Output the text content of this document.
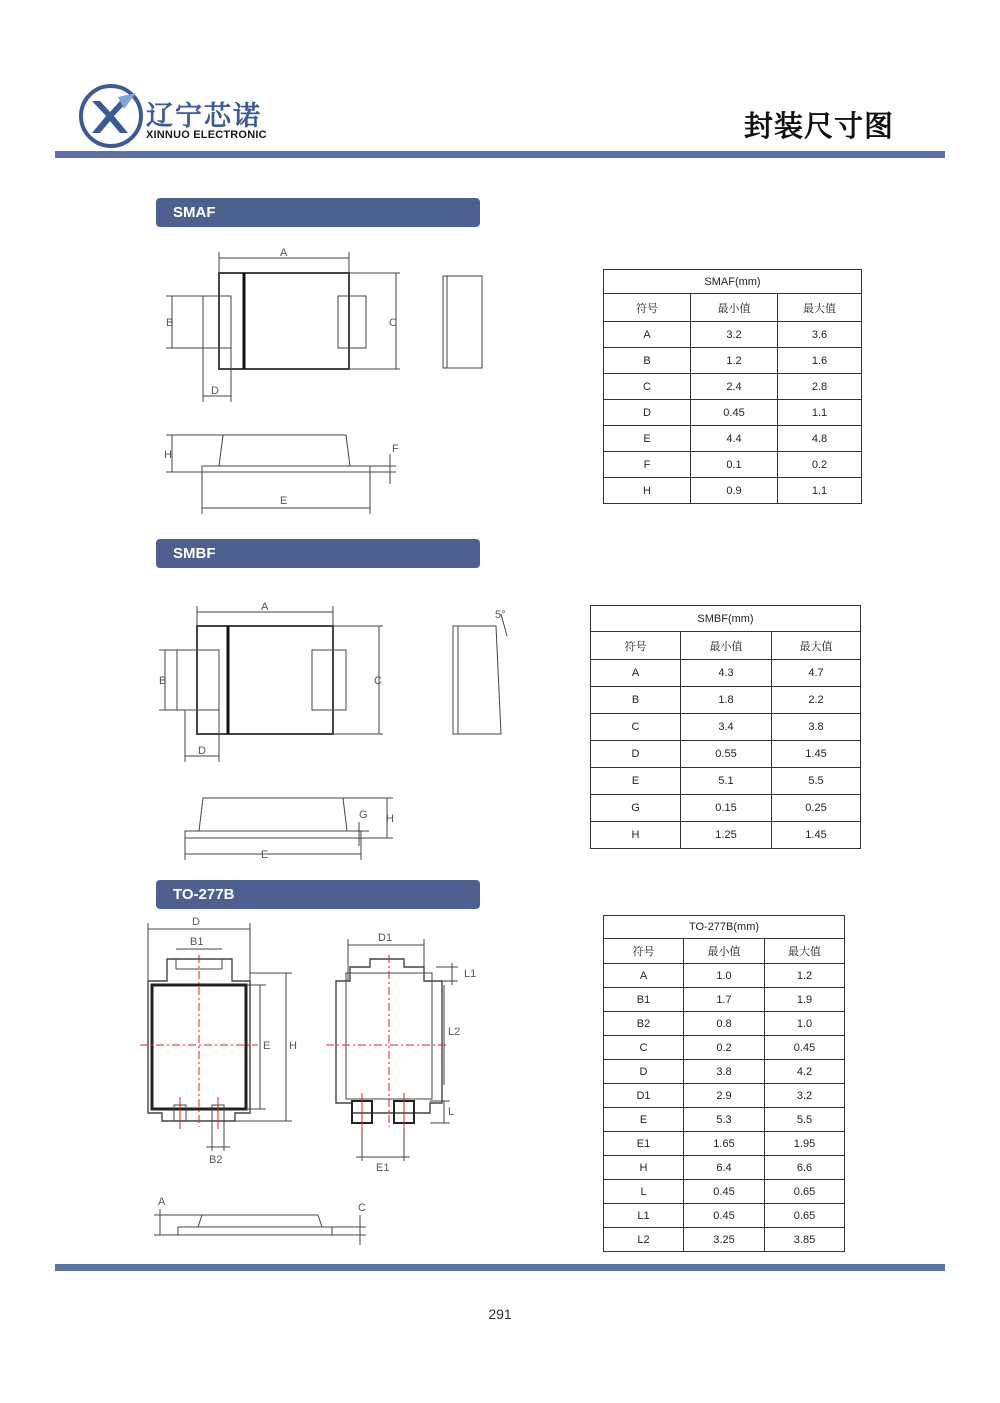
辽宁芯诺
XINNUO ELECTRONIC	封装尺寸图
SMAF
SMBF
TO-277B
A
C
B
D
H	F
E
A
C
B
D
5°
G H
E
D
B1
E H
B2
D1
L1
L2
L
E1
A	C
SMAF(mm)		
符号	最小值	最大值
A	3.2	3.6
B	1.2	1.6
C	2.4	2.8
D	0.45	1.1
E	4.4	4.8
F	0.1	0.2
H	0.9	1.1
SMBF(mm)		
符号	最小值	最大值
A	4.3	4.7
B	1.8	2.2
C	3.4	3.8
D	0.55	1.45
E	5.1	5.5
G	0.15	0.25
H	1.25	1.45
TO-277B(mm)		
符号	最小值	最大值
A	1.0	1.2
B1	1.7	1.9
B2	0.8	1.0
C	0.2	0.45
D	3.8	4.2
D1	2.9	3.2
E	5.3	5.5
E1	1.65	1.95
H	6.4	6.6
L	0.45	0.65
L1	0.45	0.65
L2	3.25	3.85
291
